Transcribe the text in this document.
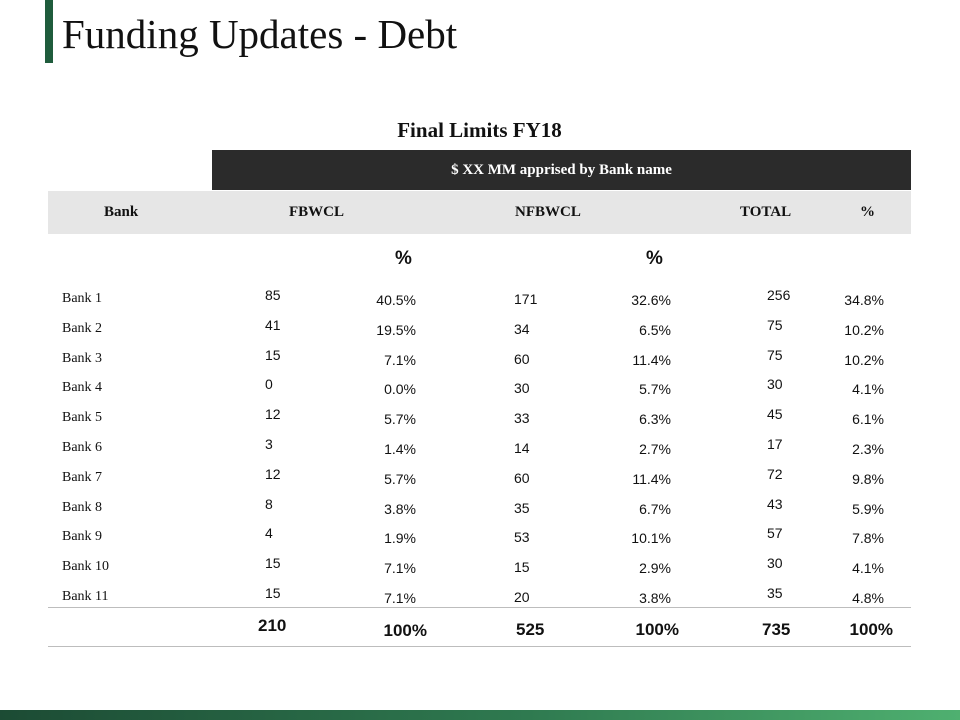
Funding Updates - Debt
Final Limits FY18
$ XX MM apprised by Bank name
Bank	FBWCL	NFBWCL	TOTAL	%
%	%
Bank 1	85	40.5%	171	32.6%	256	34.8%
Bank 2	41	19.5%	34	6.5%	75	10.2%
Bank 3	15	7.1%	60	11.4%	75	10.2%
Bank 4	0	0.0%	30	5.7%	30	4.1%
Bank 5	12	5.7%	33	6.3%	45	6.1%
Bank 6	3	1.4%	14	2.7%	17	2.3%
Bank 7	12	5.7%	60	11.4%	72	9.8%
Bank 8	8	3.8%	35	6.7%	43	5.9%
Bank 9	4	1.9%	53	10.1%	57	7.8%
Bank 10	15	7.1%	15	2.9%	30	4.1%
Bank 11	15	7.1%	20	3.8%	35	4.8%
210	100%	525	100%	735	100%
